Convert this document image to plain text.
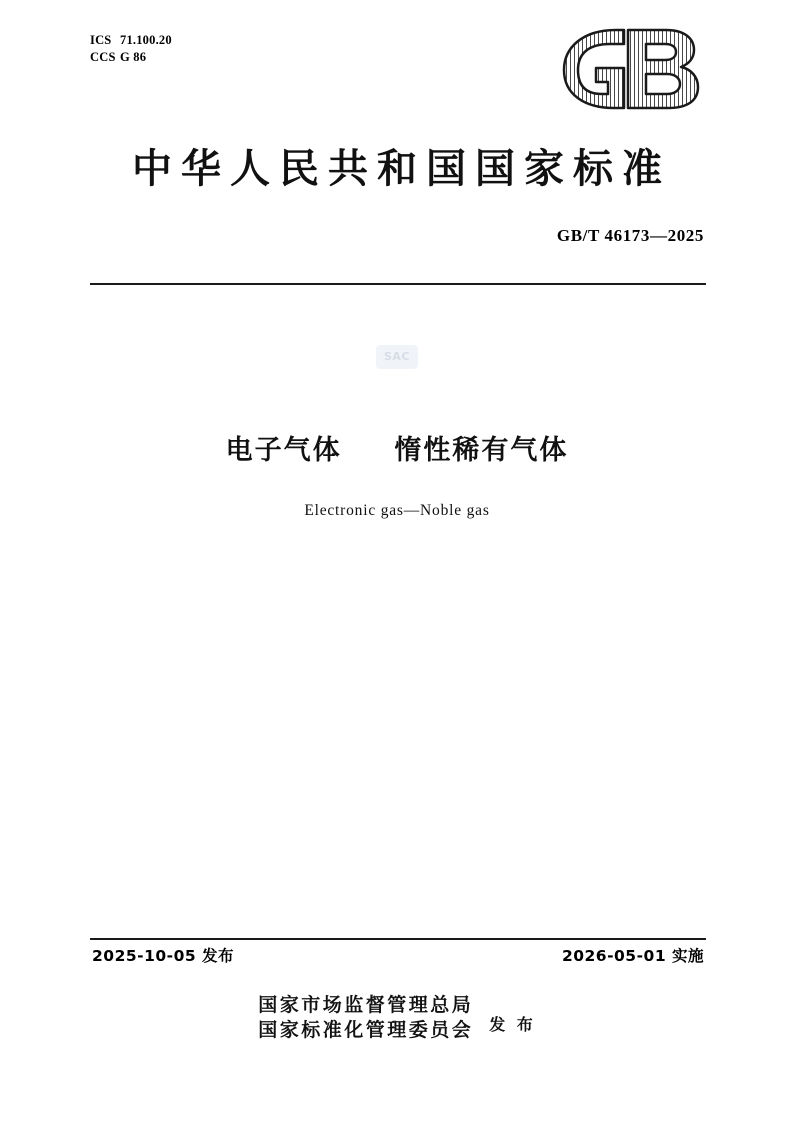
ICS 71.100.20
CCS G 86
中华人民共和国国家标准
GB/T 46173—2025
SAC
电子气体 惰性稀有气体
Electronic gas—Noble gas
2025-10-05 发布	2026-05-01 实施
国家市场监督管理总局
国家标准化管理委员会 发 布
